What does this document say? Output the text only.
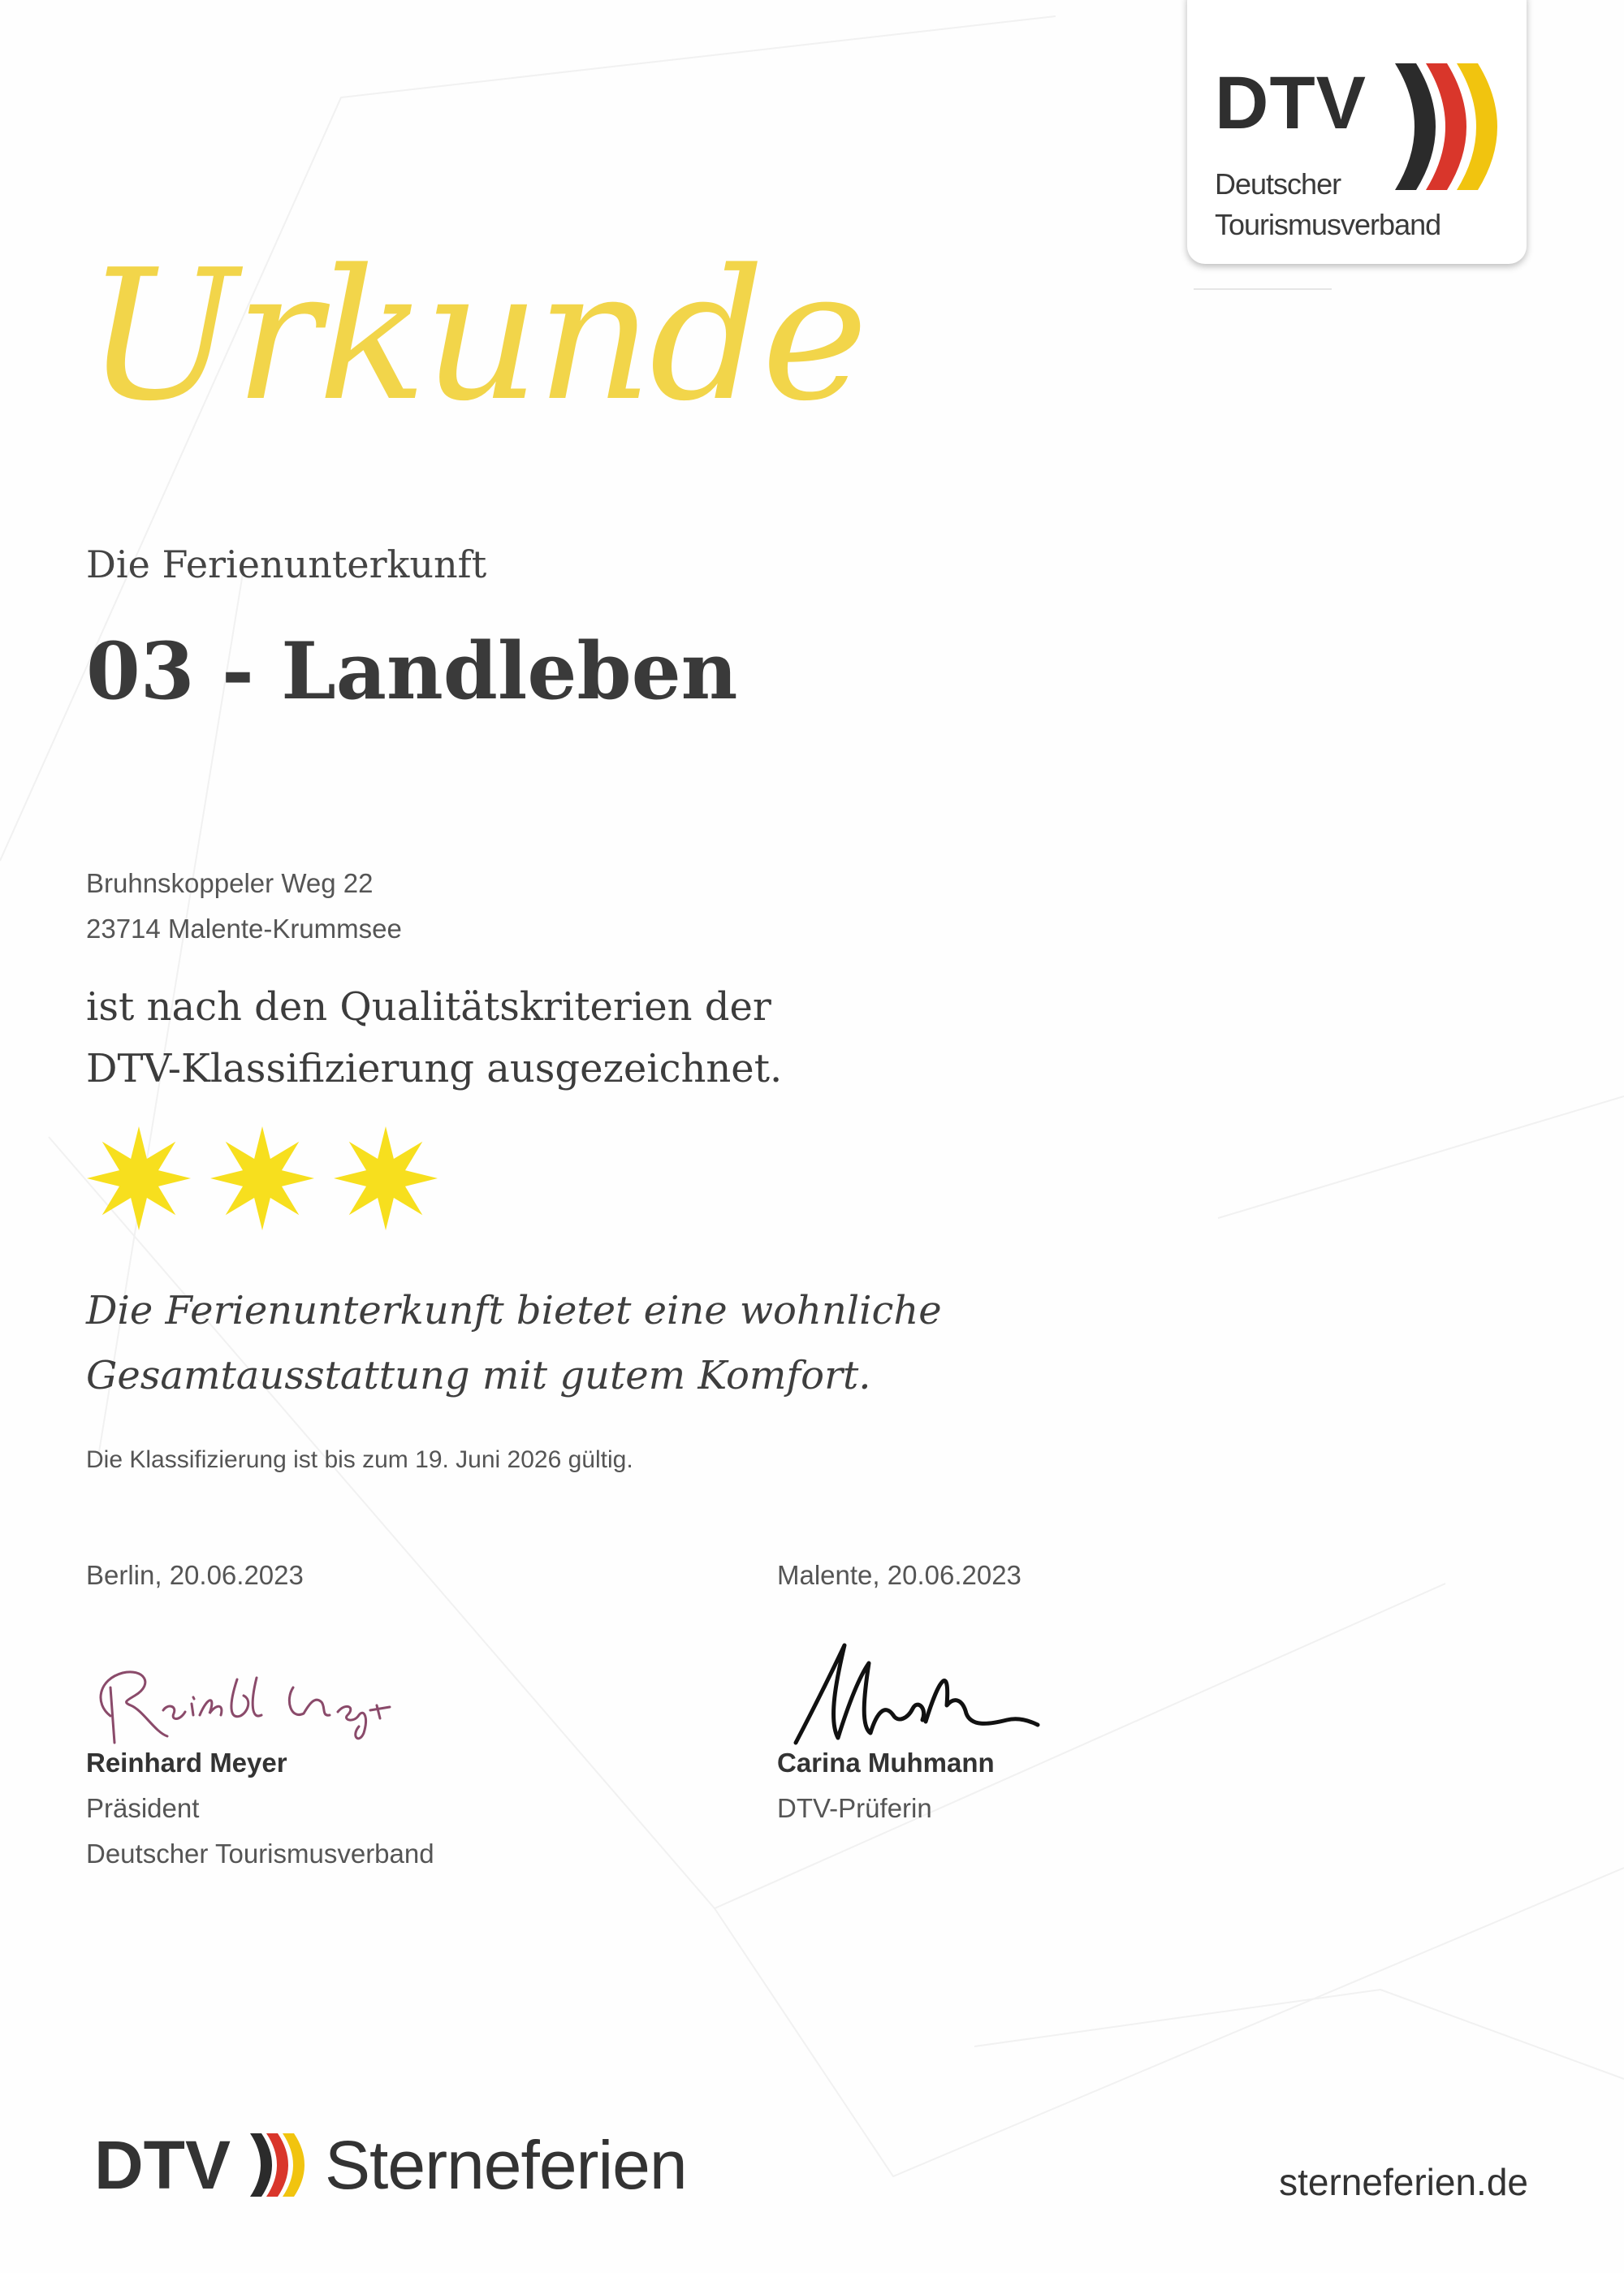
DTV
Deutscher
Tourismusverband
Urkunde
Die Ferienunterkunft
03 - Landleben
Bruhnskoppeler Weg 22
23714 Malente-Krummsee
ist nach den Qualitätskriterien der
DTV-Klassifizierung ausgezeichnet.
Die Ferienunterkunft bietet eine wohnliche
Gesamtausstattung mit gutem Komfort.
Die Klassifizierung ist bis zum 19. Juni 2026 gültig.
Berlin, 20.06.2023	Malente, 20.06.2023
Reinhard Meyer
Präsident
Deutscher Tourismusverband
Carina Muhmann
DTV-Prüferin
DTV Sterneferien	sterneferien.de
